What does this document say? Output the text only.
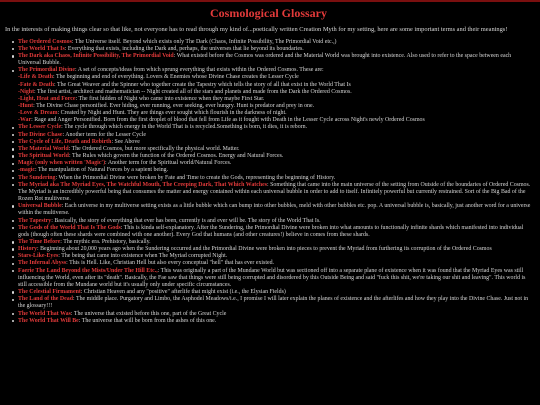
Cosmological Glossary

In the interests of making things clear so that like, not everyone has to read through my kind of...poetically written Creation Myth for my setting, here are some important terms and their meanings!

The Ordered Cosmos: The Universe itself. Beyond which exists only The Dark (Chaos, Infinite Possibility, The Primordial Void etc.,)
The World That Is: Everything that exists, including the Dark and, perhaps, the universes that lie beyond its boundaries.
The Dark aka Chaos, Infinite Possibility, The Primordial Void: What existed before the Cosmos was ordered and the Material World was brought into existence. Also used to refer to the space between each Universal Bubble.
The Primordial Divine: A set of concepts/ideas from which sprung everything that exists within the Ordered Cosmos. These are:
-Life & Death: The beginning and end of everything. Lovers & Enemies whose Divine Chase creates the Lesser Cycle
-Fate & Death: The Great Weaver and the Spinner who together create the Tapestry which tells the story of all that exist in the World That Is
-Night: The first artist, architect and mathematician -- Night created all of the stars and planets and made from the Dark the Ordered Cosmos.
-Light, Heat and Force: The first hidden of Night who came into existence when they maybe First Star.
-Hunt: The Divine Chase personified. Ever hiding, ever running, ever seeking, ever hungry. Hunt is predator and prey in one.
-Love & Dream: Created by Night and Hunt. They are things ever sought which flourish in the darkness of night.
-War: Rage and Anger Personified. Born from the first droplet of blood that fell from Life as it fought with Death in the Lesser Cycle across Night's newly Ordered Cosmos
The Lesser Cycle: The cycle through which energy in the World That is is recycled.Something is born, it dies, it is reborn.
The Divine Chase: Another term for the Lesser Cycle
The Cycle of Life, Death and Rebirth: See Above
The Material World: The Ordered Cosmos, but more specifically the physical world. Matter.
The Spiritual World: The Rules which govern the function of the Ordered Cosmos. Energy and Natural Forces.
Magic (only when written 'Magic'): Another term for the Spiritual world/Natural Forces.
-magic: The manipulation of Natural Forces by a sapient being.
The Sundering: When the Primordial Divine were broken by Fate and Time to create the Gods, representing the beginning of History.
The Myriad aka The Myriad Eyes, The Watchful Mouth, The Creeping Dark, That Which Watches: Something that came into the main universe of the setting from Outside of the boundaries of Ordered Cosmos. The Myriad is an incredibly powerful being that consumes the matter and energy contained within each universal bubble in order to add to itself. Infinitely powerful but currently restrained. Sort of the Big Bad of the Rozen Rot multiverse.
Universal Bubble: Each universe in my multiverse setting exists as a little bubble which can bump into other bubbles, meld with other bubbles etc. pop. A universal bubble is, basically, just another word for a universe within the multiverse.
The Tapestry: Basically, the story of everything that ever has been, currently is and ever will be. The story of the World That Is.
The Gods of the World That Is The Gods: This is kinda self-explanatory. After the Sundering, the Primordial Divine were broken into what amounts to functionally infinite shards which manifested into individual gods (though often these shards were combined with one another). Every God that humans (and other creatures!) believe in comes from these shards.
The Time Before: The mythic era. Prehistory, basically.
History: Beginning about 20,000 years ago when the Sundering occurred and the Primordial Divine were broken into pieces to prevent the Myriad from furthering its corruption of the Ordered Cosmos
Stars-Like-Eyes: The being that came into existence when The Myriad corrupted Night.
The Infernal Abyss: This is Hell. Like, Christian Hell but also every conceptual "hell" that has ever existed.
Faerie The Land Beyond the Mists/Under The Hill Etc.,: This was originally a part of the Mundane World but was sectioned off into a separate plane of existence when it was found that the Myriad Eyes was still influencing the World, even after its "death". Basically, the Fae saw that things were still being corrupted and disordered by this Outside Being and said "fuck this shit, we're taking our shit and leaving". This world is still accessible from the Mundane world but it's usually only under specific circumstances.
The Celestial Firmament: Christian Heaven and any "positive" afterlife that might exist (i.e., the Elysian Fields)
The Land of the Dead: The middle place. Purgatory and Limbo, the Asphodel Meadows/i.e., I promise I will later explain the planes of existence and the afterlifes and how they play into the Divine Chase. Just not in the glossary!!!
The World That Was: The universe that existed before this one, part of the Great Cycle
The World That Will Be: The universe that will be born from the ashes of this one.
